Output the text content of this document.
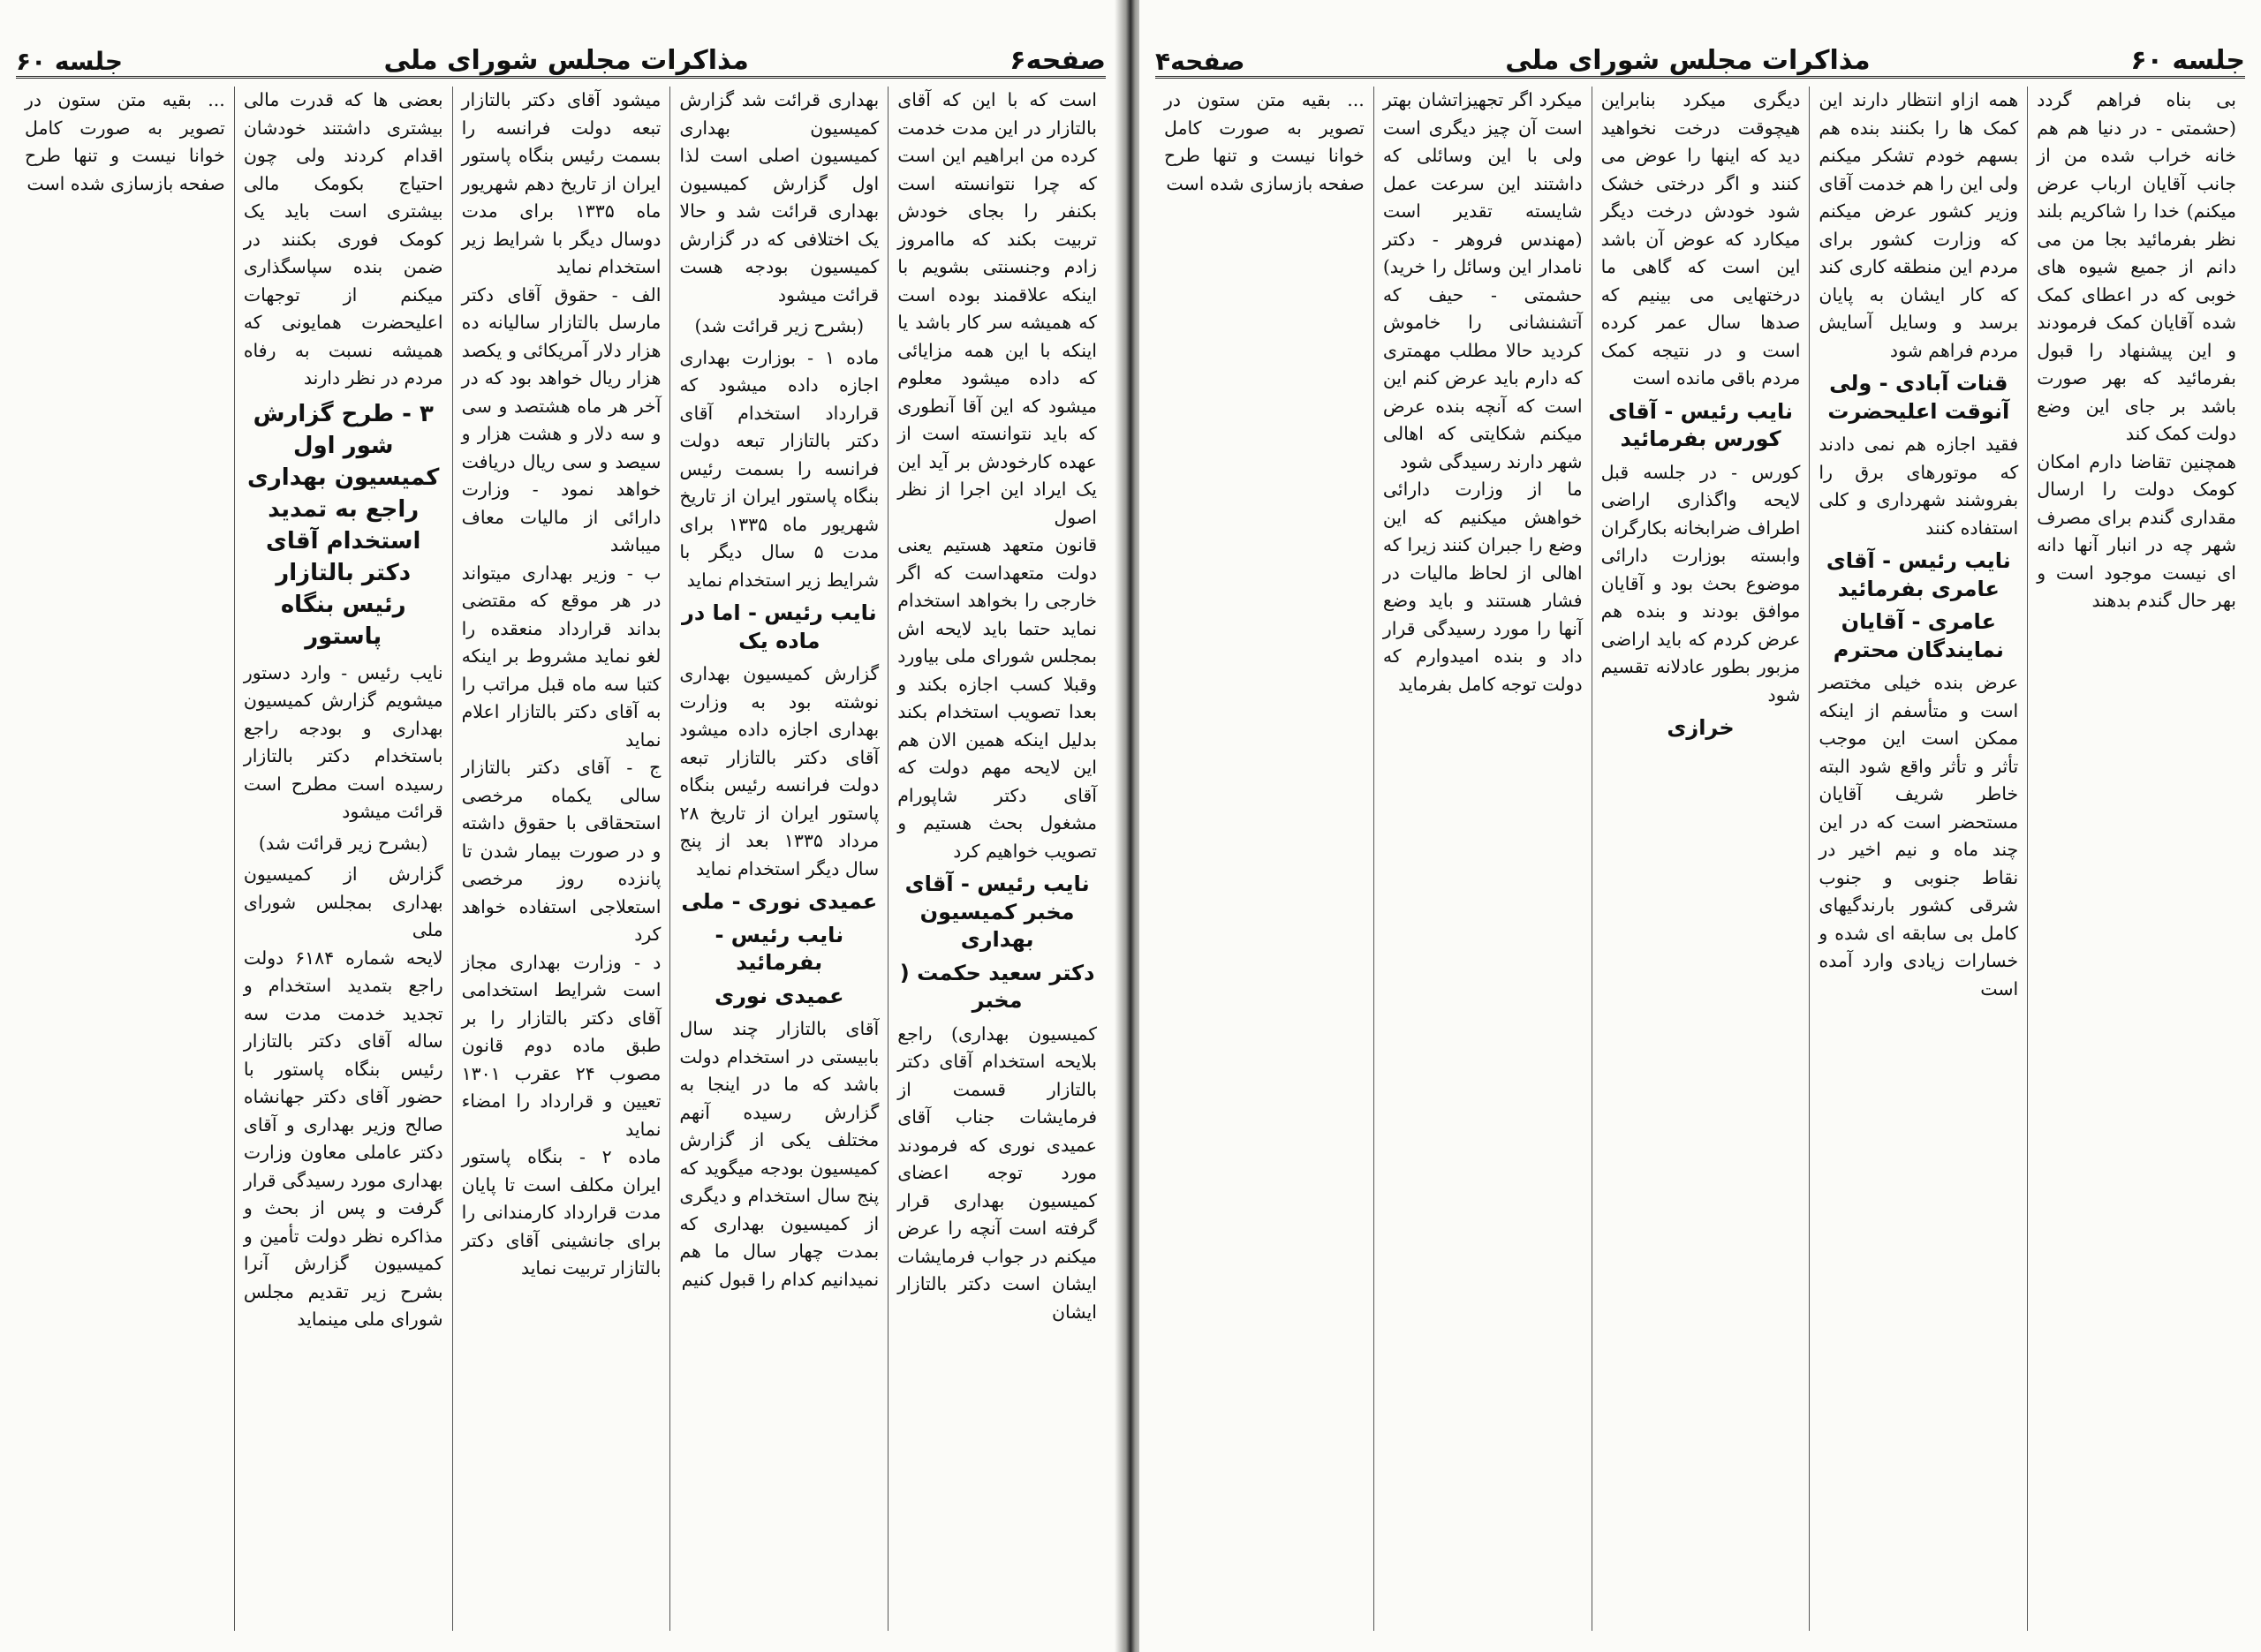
صفحه۶
مذاکرات مجلس شورای ملی
جلسه ۶۰

است که با این که آقای بالتازار در این مدت خدمت کرده من ابراهیم این است که چرا نتوانسته است بکنفر را بجای خودش تربیت بکند که ماامروز زادم وجنسنتی بشویم با اینکه علاقمند بوده است که همیشه سر کار باشد یا اینکه با این همه مزایائی که داده میشود معلوم میشود که این آقا آنطوری که باید نتوانسته است از عهده کارخودش بر آید این یک ایراد این اجرا از نظر اصول

قانون متعهد هستیم یعنی دولت متعهداست که اگر خارجی را بخواهد استخدام نماید حتما باید لایحه اش بمجلس شورای ملی بیاورد وقبلا کسب اجازه بکند و بعدا تصویب استخدام بکند بدلیل اینکه همین الان هم این لایحه مهم دولت که آقای دکتر شاپورام مشغول بحث هستیم و تصویب خواهیم کرد

نایب رئیس - آقای مخبر کمیسیون بهداری
دکتر سعید حکمت ( مخبر

کمیسیون بهداری) راجع بلایحه استخدام آقای دکتر بالتازار قسمت از فرمایشات جناب آقای عمیدی نوری که فرمودند مورد توجه اعضای کمیسیون بهداری قرار گرفته است آنچه را عرض میکنم در جواب فرمایشات ایشان است دکتر بالتازار ایشان

بهداری قرائت شد گزارش کمیسیون بهداری کمیسیون اصلی است لذا اول گزارش کمیسیون بهداری قرائت شد و حالا یک اختلافی که در گزارش کمیسیون بودجه هست قرائت میشود

(بشرح زیر قرائت شد)

ماده ۱ - بوزارت بهداری اجازه داده میشود که قرارداد استخدام آقای دکتر بالتازار تبعه دولت فرانسه را بسمت رئیس بنگاه پاستور ایران از تاریخ شهریور ماه ۱۳۳۵ برای مدت ۵ سال دیگر با شرایط زیر استخدام نماید

نایب رئیس - اما در ماده یک

گزارش کمیسیون بهداری نوشته بود به وزارت بهداری اجازه داده میشود آقای دکتر بالتازار تبعه دولت فرانسه رئیس بنگاه پاستور ایران از تاریخ ۲۸ مرداد ۱۳۳۵ بعد از پنج سال دیگر استخدام نماید

عمیدی نوری - ملی
نایب رئیس - بفرمائید
عمیدی نوری

آقای بالتازار چند سال بابیستی در استخدام دولت باشد که ما در اینجا به گزارش رسیده آنهم مختلف یکی از گزارش کمیسیون بودجه میگوید که پنج سال استخدام و دیگری از کمیسیون بهداری که بمدت چهار سال ما هم نمیدانیم کدام را قبول کنیم

میشود آقای دکتر بالتازار تبعه دولت فرانسه را بسمت رئیس بنگاه پاستور ایران از تاریخ دهم شهریور ماه ۱۳۳۵ برای مدت دوسال دیگر با شرایط زیر استخدام نماید

الف - حقوق آقای دکتر مارسل بالتازار سالیانه ده هزار دلار آمریکائی و یکصد هزار ریال خواهد بود که در آخر هر ماه هشتصد و سی و سه دلار و هشت هزار و سیصد و سی ریال دریافت خواهد نمود - وزارت دارائی از مالیات معاف میباشد

ب - وزیر بهداری میتواند در هر موقع که مقتضی بداند قرارداد منعقده را لغو نماید مشروط بر اینکه کتبا سه ماه قبل مراتب را به آقای دکتر بالتازار اعلام نماید

ج - آقای دکتر بالتازار سالی یکماه مرخصی استحقاقی با حقوق داشته و در صورت بیمار شدن تا پانزده روز مرخصی استعلاجی استفاده خواهد کرد

د - وزارت بهداری مجاز است شرایط استخدامی آقای دکتر بالتازار را بر طبق ماده دوم قانون مصوب ۲۴ عقرب ۱۳۰۱ تعیین و قرارداد را امضاء نماید

ماده ۲ - بنگاه پاستور ایران مکلف است تا پایان مدت قرارداد کارمندانی را برای جانشینی آقای دکتر بالتازار تربیت نماید

بعضی ها که قدرت مالی بیشتری داشتند خودشان اقدام کردند ولی چون احتیاج بکومک مالی بیشتری است باید یک کومک فوری بکنند در ضمن بنده سپاسگذاری میکنم از توجهات اعلیحضرت همایونی که همیشه نسبت به رفاه مردم در نظر دارند

۳ - طرح گزارش شور اول کمیسیون بهداری راجع به تمدید استخدام آقای دکتر بالتازار رئیس بنگاه پاستور

نایب رئیس - وارد دستور میشویم گزارش کمیسیون بهداری و بودجه راجع باستخدام دکتر بالتازار رسیده است مطرح است قرائت میشود

(بشرح زیر قرائت شد)

گزارش از کمیسیون بهداری بمجلس شورای ملی

لایحه شماره ۶۱۸۴ دولت راجع بتمدید استخدام و تجدید خدمت مدت سه ساله آقای دکتر بالتازار رئیس بنگاه پاستور با حضور آقای دکتر جهانشاه صالح وزیر بهداری و آقای دکتر عاملی معاون وزارت بهداری مورد رسیدگی قرار گرفت و پس از بحث و مذاکره نظر دولت تأمین و کمیسیون گزارش آنرا بشرح زیر تقدیم مجلس شورای ملی مینماید

... بقیه متن ستون در تصویر به صورت کامل خوانا نیست و تنها طرح صفحه بازسازی شده است

جلسه ۶۰
مذاکرات مجلس شورای ملی
صفحه۴

بی بناه فراهم گردد (حشمتی - در دنیا هم هم خانه خراب شده من از جانب آقایان ارباب عرض میکنم) خدا را شاکریم بلند نظر بفرمائید بجا من می دانم از جمیع شیوه های خوبی که در اعطای کمک شده آقایان کمک فرمودند و این پیشنهاد را قبول بفرمائید که بهر صورت باشد بر جای این وضع دولت کمک کند

همچنین تقاضا دارم امکان کومک دولت را ارسال مقداری گندم برای مصرف شهر چه در انبار آنها دانه ای نیست موجود است و بهر حال گندم بدهند

همه ازاو انتظار دارند این کمک ها را بکنند بنده هم بسهم خودم تشکر میکنم ولی این را هم خدمت آقای وزیر کشور عرض میکنم که وزارت کشور برای مردم این منطقه کاری کند که کار ایشان به پایان برسد و وسایل آسایش مردم فراهم شود

قنات آبادی - ولی آنوقت اعلیحضرت

فقید اجازه هم نمی دادند که موتورهای برق را بفروشند شهرداری و کلی استفاده کنند

نایب رئیس - آقای عامری بفرمائید
عامری - آقایان نمایندگان محترم

عرض بنده خیلی مختصر است و متأسفم از اینکه ممکن است این موجب تأثر و تأثر واقع شود البته خاطر شریف آقایان مستحضر است که در این چند ماه و نیم اخیر در نقاط جنوبی و جنوب شرقی کشور بارندگیهای کامل بی سابقه ای شده و خسارات زیادی وارد آمده است

دیگری میکرد بنابراین هیچوقت درخت نخواهید دید که اینها را عوض می کنند و اگر درختی خشک شود خودش درخت دیگر میکارد که عوض آن باشد این است که گاهی ما درختهایی می بینیم که صدها سال عمر کرده است و در نتیجه کمک مردم باقی مانده است

نایب رئیس - آقای کورس بفرمائید

کورس - در جلسه قبل لایحه واگذاری اراضی اطراف ضرابخانه بکارگران وابسته بوزارت دارائی موضوع بحث بود و آقایان موافق بودند و بنده هم عرض کردم که باید اراضی مزبور بطور عادلانه تقسیم شود

خرازی

میکرد اگر تجهیزاتشان بهتر است آن چیز دیگری است ولی با این وسائلی که داشتند این سرعت عمل شایسته تقدیر است (مهندس فروهر - دکتر نامدار این وسائل را خرید) حشمتی - حیف که آتشنشانی را خاموش کردید حالا مطلب مهمتری که دارم باید عرض کنم این است که آنچه بنده عرض میکنم شکایتی که اهالی شهر دارند رسیدگی شود

ما از وزارت دارائی خواهش میکنیم که این وضع را جبران کنند زیرا که اهالی از لحاظ مالیات در فشار هستند و باید وضع آنها را مورد رسیدگی قرار داد و بنده امیدوارم که دولت توجه کامل بفرماید

... بقیه متن ستون در تصویر به صورت کامل خوانا نیست و تنها طرح صفحه بازسازی شده است
